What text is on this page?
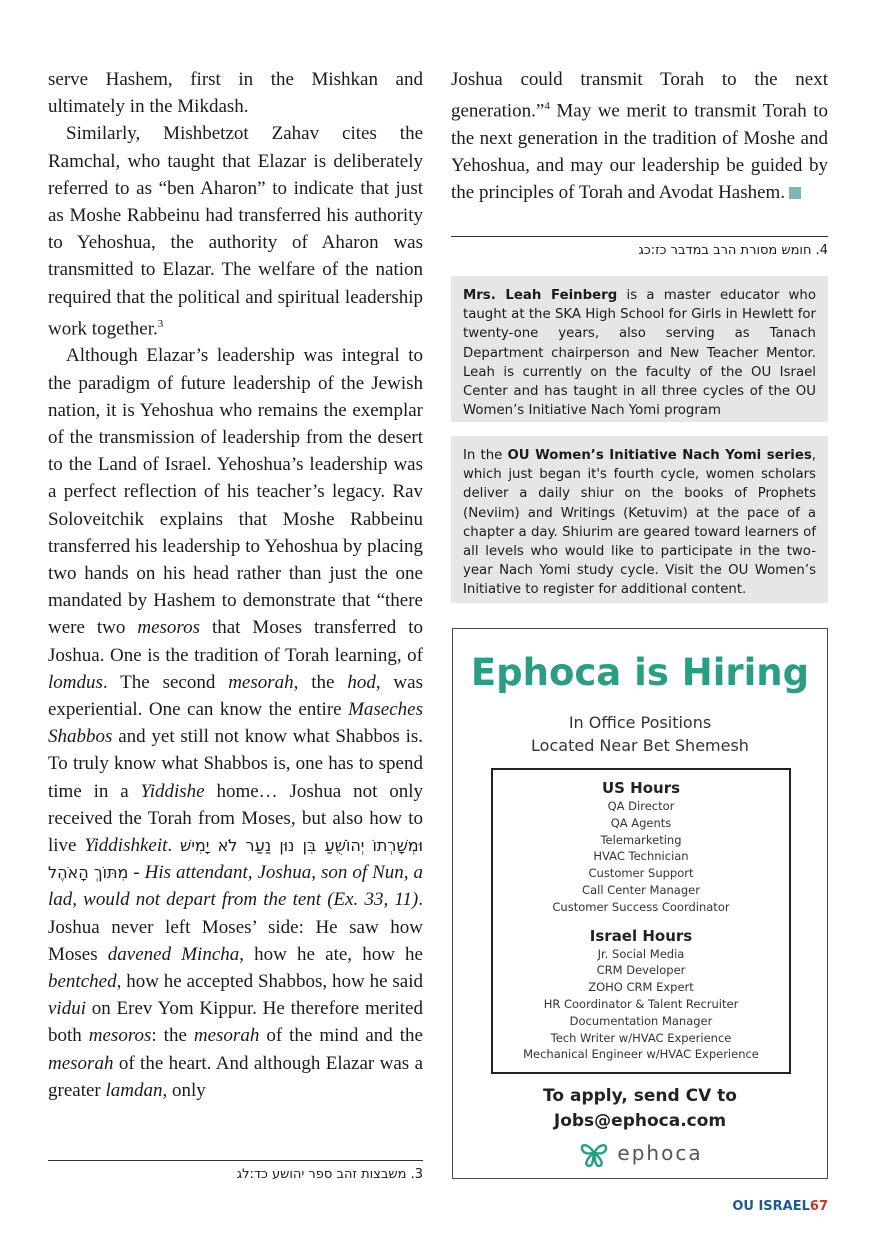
serve Hashem, first in the Mishkan and ultimately in the Mikdash.

Similarly, Mishbetzot Zahav cites the Ramchal, who taught that Elazar is deliberately referred to as “ben Aharon” to indicate that just as Moshe Rabbeinu had transferred his authority to Yehoshua, the authority of Aharon was transmitted to Elazar. The welfare of the nation required that the political and spiritual leadership work together.$^3$

Although Elazar’s leadership was integral to the paradigm of future leadership of the Jewish nation, it is Yehoshua who remains the exemplar of the transmission of leadership from the desert to the Land of Israel. Yehoshua’s leadership was a perfect reflection of his teacher’s legacy. Rav Soloveitchik explains that Moshe Rabbeinu transferred his leadership to Yehoshua by placing two hands on his head rather than just the one mandated by Hashem to demonstrate that “there were two mesoros that Moses transferred to Joshua. One is the tradition of Torah learning, of lomdus. The second mesorah, the hod, was experiential. One can know the entire Maseches Shabbos and yet still not know what Shabbos is. To truly know what Shabbos is, one has to spend time in a Yiddishe home… Joshua not only received the Torah from Moses, but also how to live Yiddishkeit. וּמְשָׁרְתוֹ יְהוֹשֻׁעַ בִּן נוּן נַעַר לֹא יָמִישׁ מִתּוֹךְ הָאֹהֶל - His attendant, Joshua, son of Nun, a lad, would not depart from the tent (Ex. 33, 11). Joshua never left Moses’ side: He saw how Moses davened Mincha, how he ate, how he bentched, how he accepted Shabbos, how he said vidui on Erev Yom Kippur. He therefore merited both mesoros: the mesorah of the mind and the mesorah of the heart. And although Elazar was a greater lamdan, only

3. משבצות זהב ספר יהושע כד:לג

Joshua could transmit Torah to the next generation.”$^4$ May we merit to transmit Torah to the next generation in the tradition of Moshe and Yehoshua, and may our leadership be guided by the principles of Torah and Avodat Hashem.

4. חומש מסורת הרב במדבר כז:כג
Mrs. Leah Feinberg is a master educator who taught at the SKA High School for Girls in Hewlett for twenty-one years, also serving as Tanach Department chairperson and New Teacher Mentor. Leah is currently on the faculty of the OU Israel Center and has taught in all three cycles of the OU Women’s Initiative Nach Yomi program
In the OU Women’s Initiative Nach Yomi series, which just began it's fourth cycle, women scholars deliver a daily shiur on the books of Prophets (Neviim) and Writings (Ketuvim) at the pace of a chapter a day. Shiurim are geared toward learners of all levels who would like to participate in the two-year Nach Yomi study cycle. Visit the OU Women’s Initiative to register for additional content.
Ephoca is Hiring
In Office Positions
Located Near Bet Shemesh
US Hours
QA Director
QA Agents
Telemarketing
HVAC Technician
Customer Support
Call Center Manager
Customer Success Coordinator
Israel Hours
Jr. Social Media
CRM Developer
ZOHO CRM Expert
HR Coordinator & Talent Recruiter
Documentation Manager
Tech Writer w/HVAC Experience
Mechanical Engineer w/HVAC Experience
To apply, send CV to
Jobs@ephoca.com
ephoca
OU ISRAEL67
